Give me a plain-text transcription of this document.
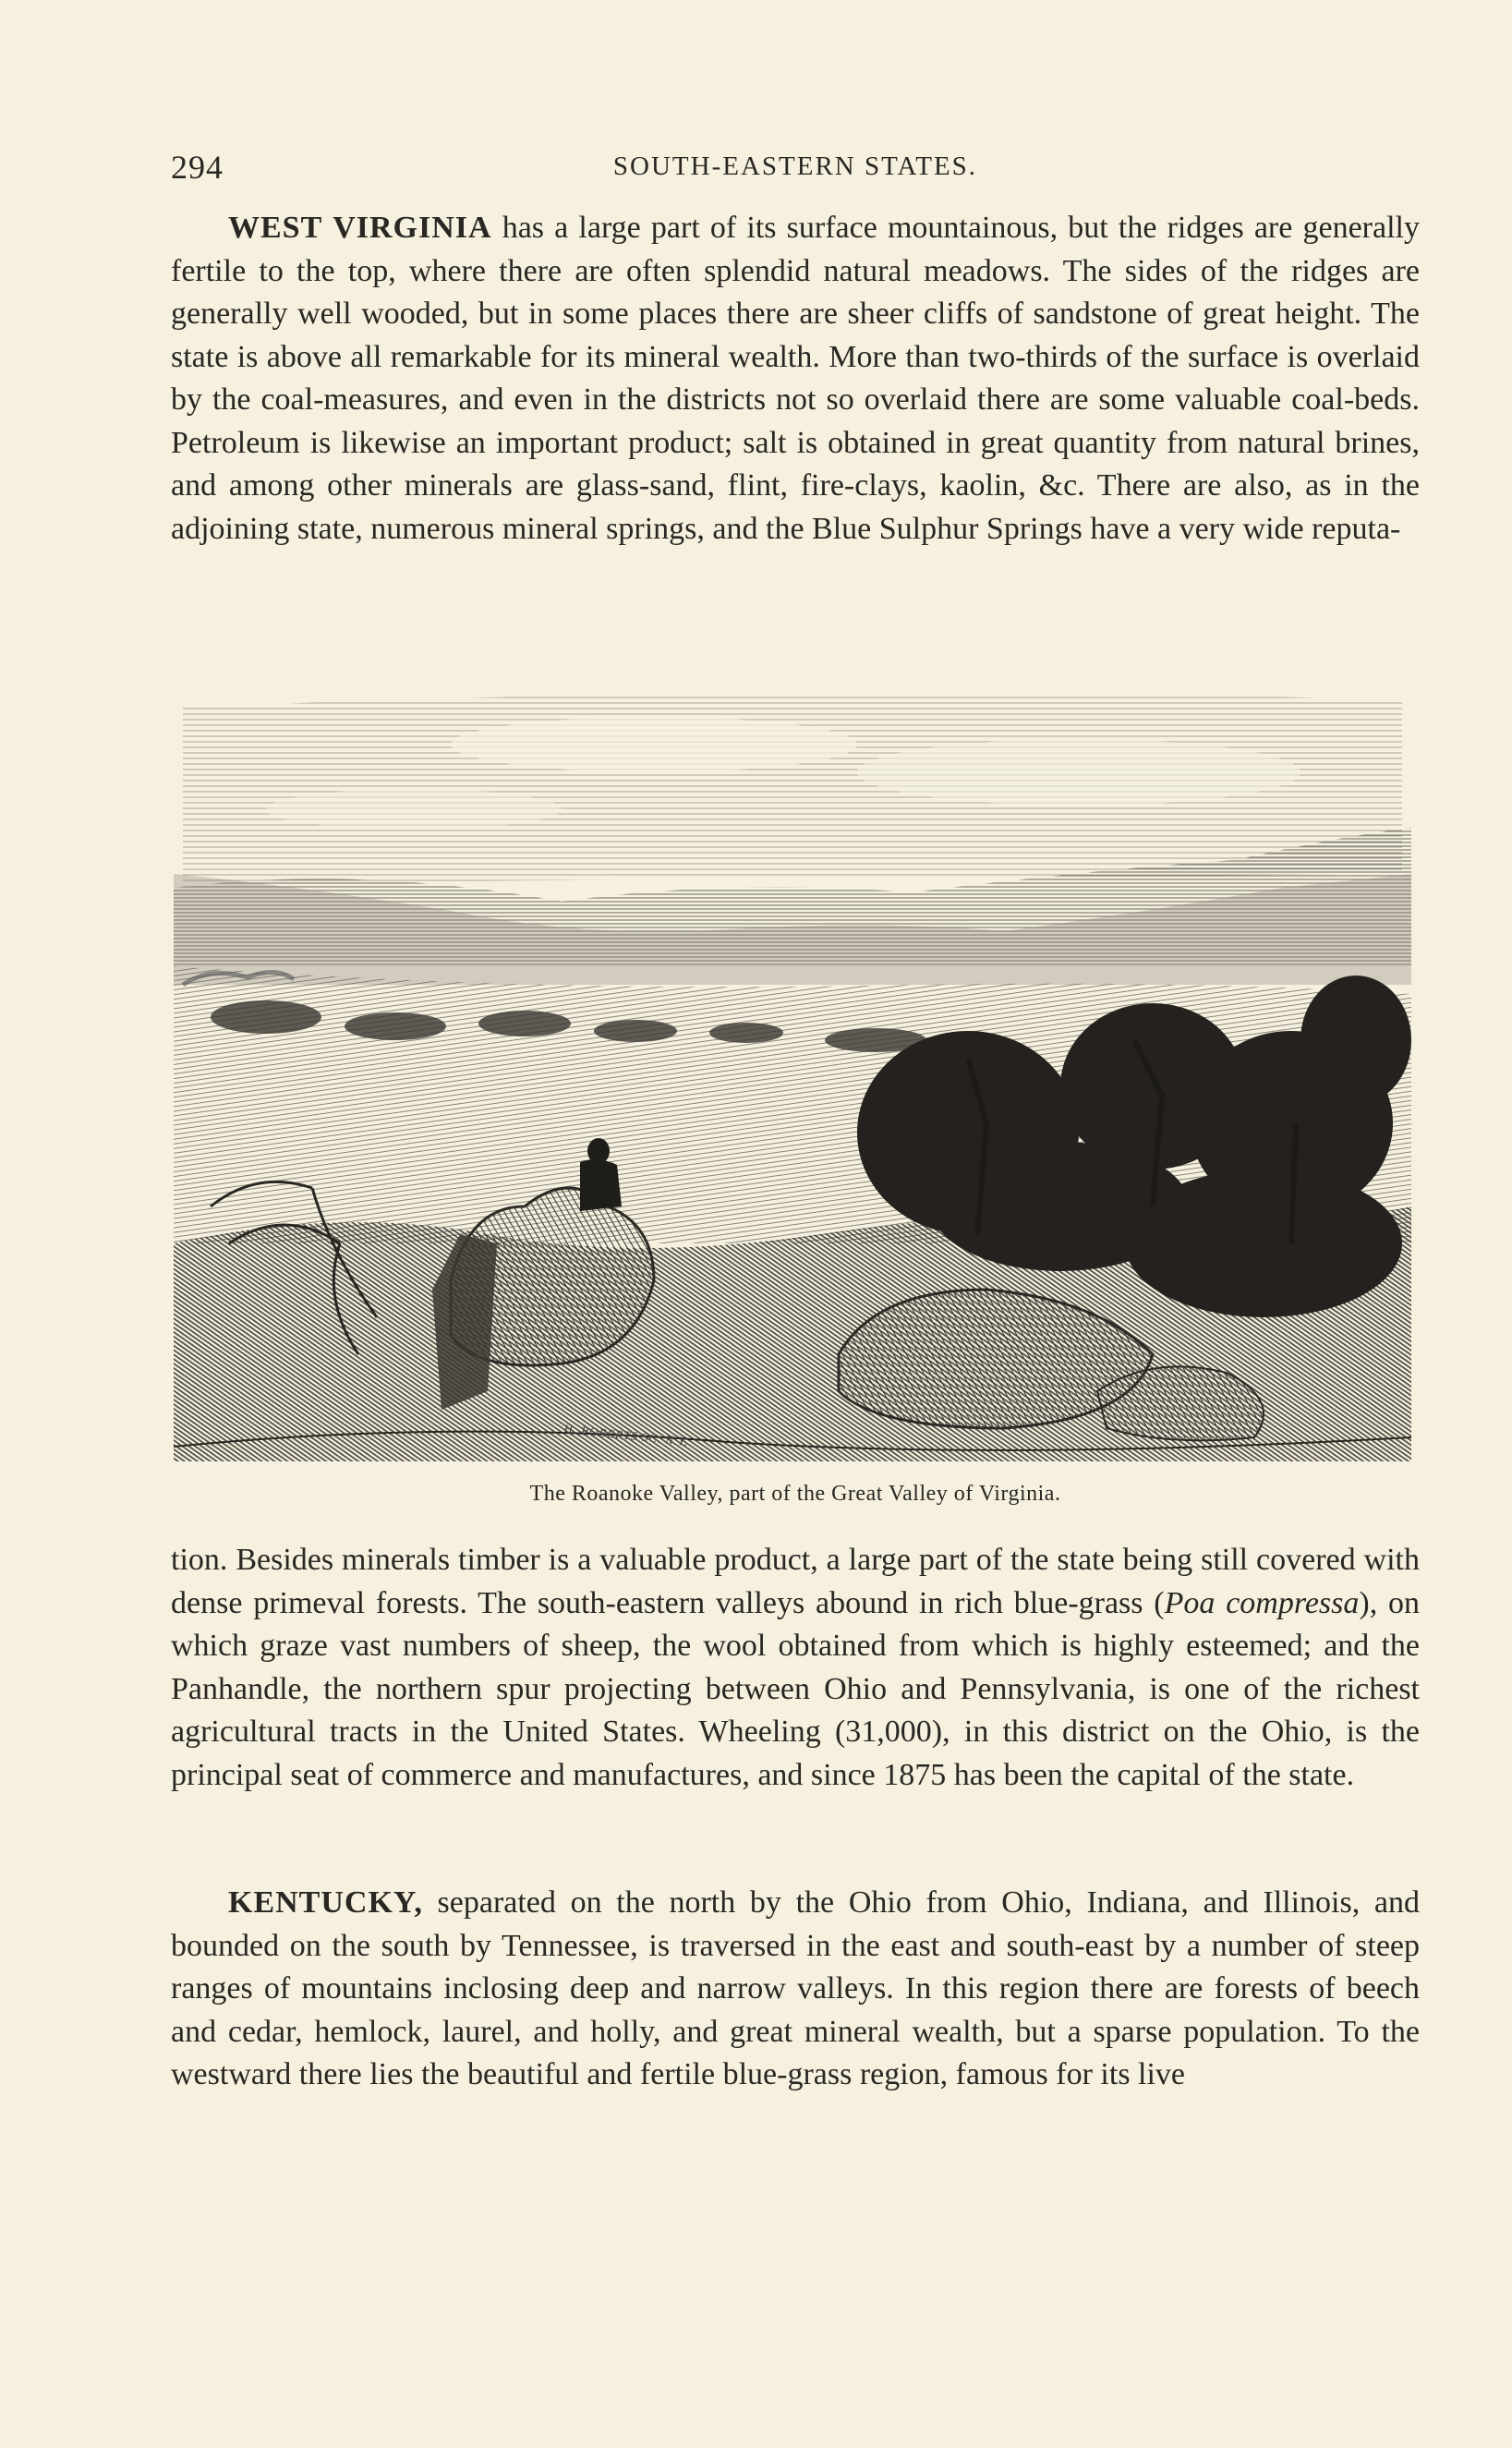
294	SOUTH-EASTERN STATES.

WEST VIRGINIA has a large part of its surface mountainous, but the ridges are generally fertile to the top, where there are often splendid natural meadows. The sides of the ridges are generally well wooded, but in some places there are sheer cliffs of sandstone of great height. The state is above all remarkable for its mineral wealth. More than two-thirds of the surface is overlaid by the coal-measures, and even in the districts not so overlaid there are some valuable coal-beds. Petroleum is likewise an important product; salt is obtained in great quantity from natural brines, and among other minerals are glass-sand, flint, fire-clays, kaolin, &c. There are also, as in the adjoining state, numerous mineral springs, and the Blue Sulphur Springs have a very wide reputa-

H. ROBERTS SC. N.Y.
The Roanoke Valley, part of the Great Valley of Virginia.

tion. Besides minerals timber is a valuable product, a large part of the state being still covered with dense primeval forests. The south-eastern valleys abound in rich blue-grass (Poa compressa), on which graze vast numbers of sheep, the wool obtained from which is highly esteemed; and the Panhandle, the northern spur projecting between Ohio and Pennsylvania, is one of the richest agricultural tracts in the United States. Wheeling (31,000), in this district on the Ohio, is the principal seat of commerce and manufactures, and since 1875 has been the capital of the state.

KENTUCKY, separated on the north by the Ohio from Ohio, Indiana, and Illinois, and bounded on the south by Tennessee, is traversed in the east and south-east by a number of steep ranges of mountains inclosing deep and narrow valleys. In this region there are forests of beech and cedar, hemlock, laurel, and holly, and great mineral wealth, but a sparse population. To the westward there lies the beautiful and fertile blue-grass region, famous for its live
